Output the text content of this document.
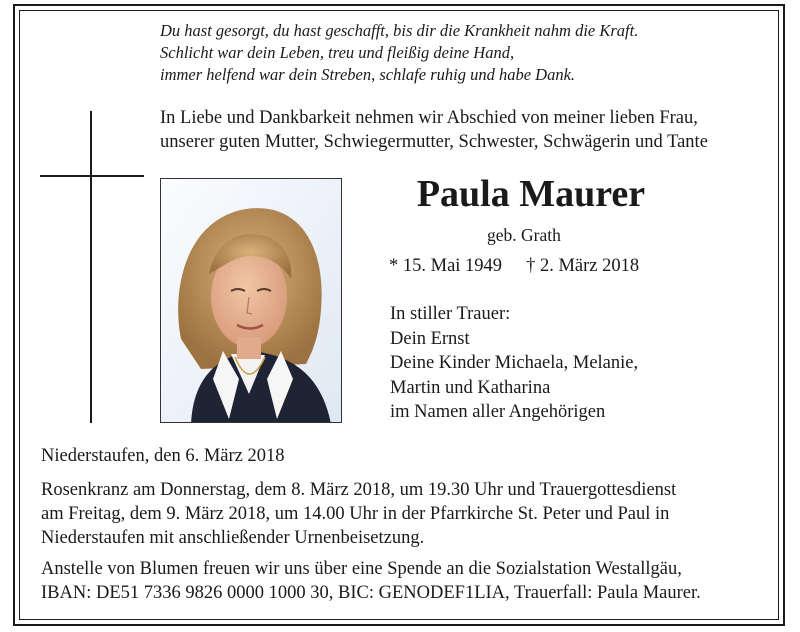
Du hast gesorgt, du hast geschafft, bis dir die Krankheit nahm die Kraft.
Schlicht war dein Leben, treu und fleißig deine Hand,
immer helfend war dein Streben, schlafe ruhig und habe Dank.
In Liebe und Dankbarkeit nehmen wir Abschied von meiner lieben Frau,
unserer guten Mutter, Schwiegermutter, Schwester, Schwägerin und Tante
Paula Maurer
geb. Grath
* 15. Mai 1949 † 2. März 2018
In stiller Trauer:
Dein Ernst
Deine Kinder Michaela, Melanie,
Martin und Katharina
im Namen aller Angehörigen
Niederstaufen, den 6. März 2018
Rosenkranz am Donnerstag, dem 8. März 2018, um 19.30 Uhr und Trauergottesdienst
am Freitag, dem 9. März 2018, um 14.00 Uhr in der Pfarrkirche St. Peter und Paul in
Niederstaufen mit anschließender Urnenbeisetzung.
Anstelle von Blumen freuen wir uns über eine Spende an die Sozialstation Westallgäu,
IBAN: DE51 7336 9826 0000 1000 30, BIC: GENODEF1LIA, Trauerfall: Paula Maurer.
